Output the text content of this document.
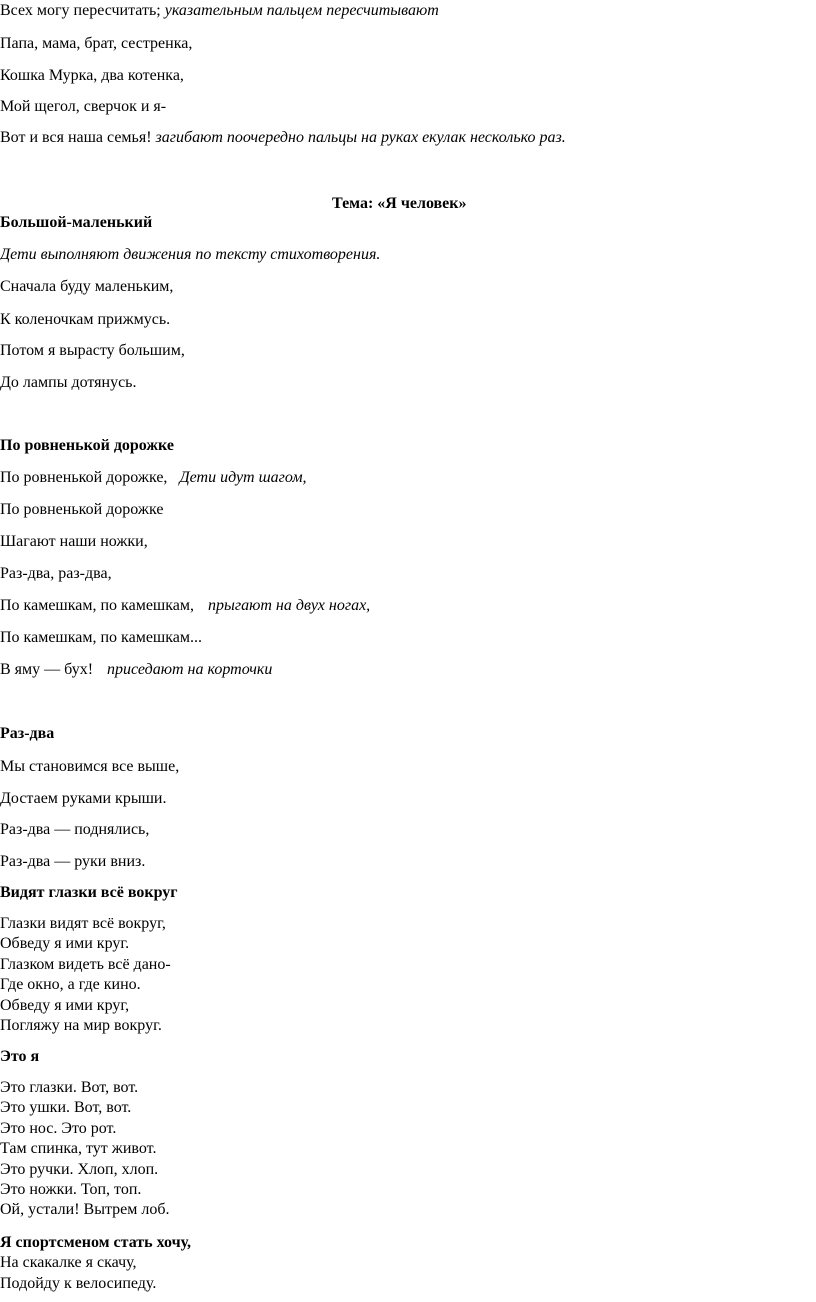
Всех могу пересчитать; указательным пальцем пересчитывают
Папа, мама, брат, сестренка,
Кошка Мурка, два котенка,
Мой щегол, сверчок и я-
Вот и вся наша семья! загибают поочередно пальцы на руках екулак несколько раз.
Тема: «Я человек»
Большой-маленький
Дети выполняют движения по тексту стихотворения.
Сначала буду маленьким,
К коленочкам прижмусь.
Потом я вырасту большим,
До лампы дотянусь.
По ровненькой дорожке
По ровненькой дорожке, Дети идут шагом,
По ровненькой дорожке
Шагают наши ножки,
Раз-два, раз-два,
По камешкам, по камешкам, прыгают на двух ногах,
По камешкам, по камешкам...
В яму — бух! приседают на корточки
Раз-два
Мы становимся все выше,
Достаем руками крыши.
Раз-два — поднялись,
Раз-два — руки вниз.
Видят глазки всё вокруг
Глазки видят всё вокруг,
Обведу я ими круг.
Глазком видеть всё дано-
Где окно, а где кино.
Обведу я ими круг,
Погляжу на мир вокруг.
Это я
Это глазки. Вот, вот.
Это ушки. Вот, вот.
Это нос. Это рот.
Там спинка, тут живот.
Это ручки. Хлоп, хлоп.
Это ножки. Топ, топ.
Ой, устали! Вытрем лоб.
Я спортсменом стать хочу,
На скакалке я скачу,
Подойду к велосипеду.
